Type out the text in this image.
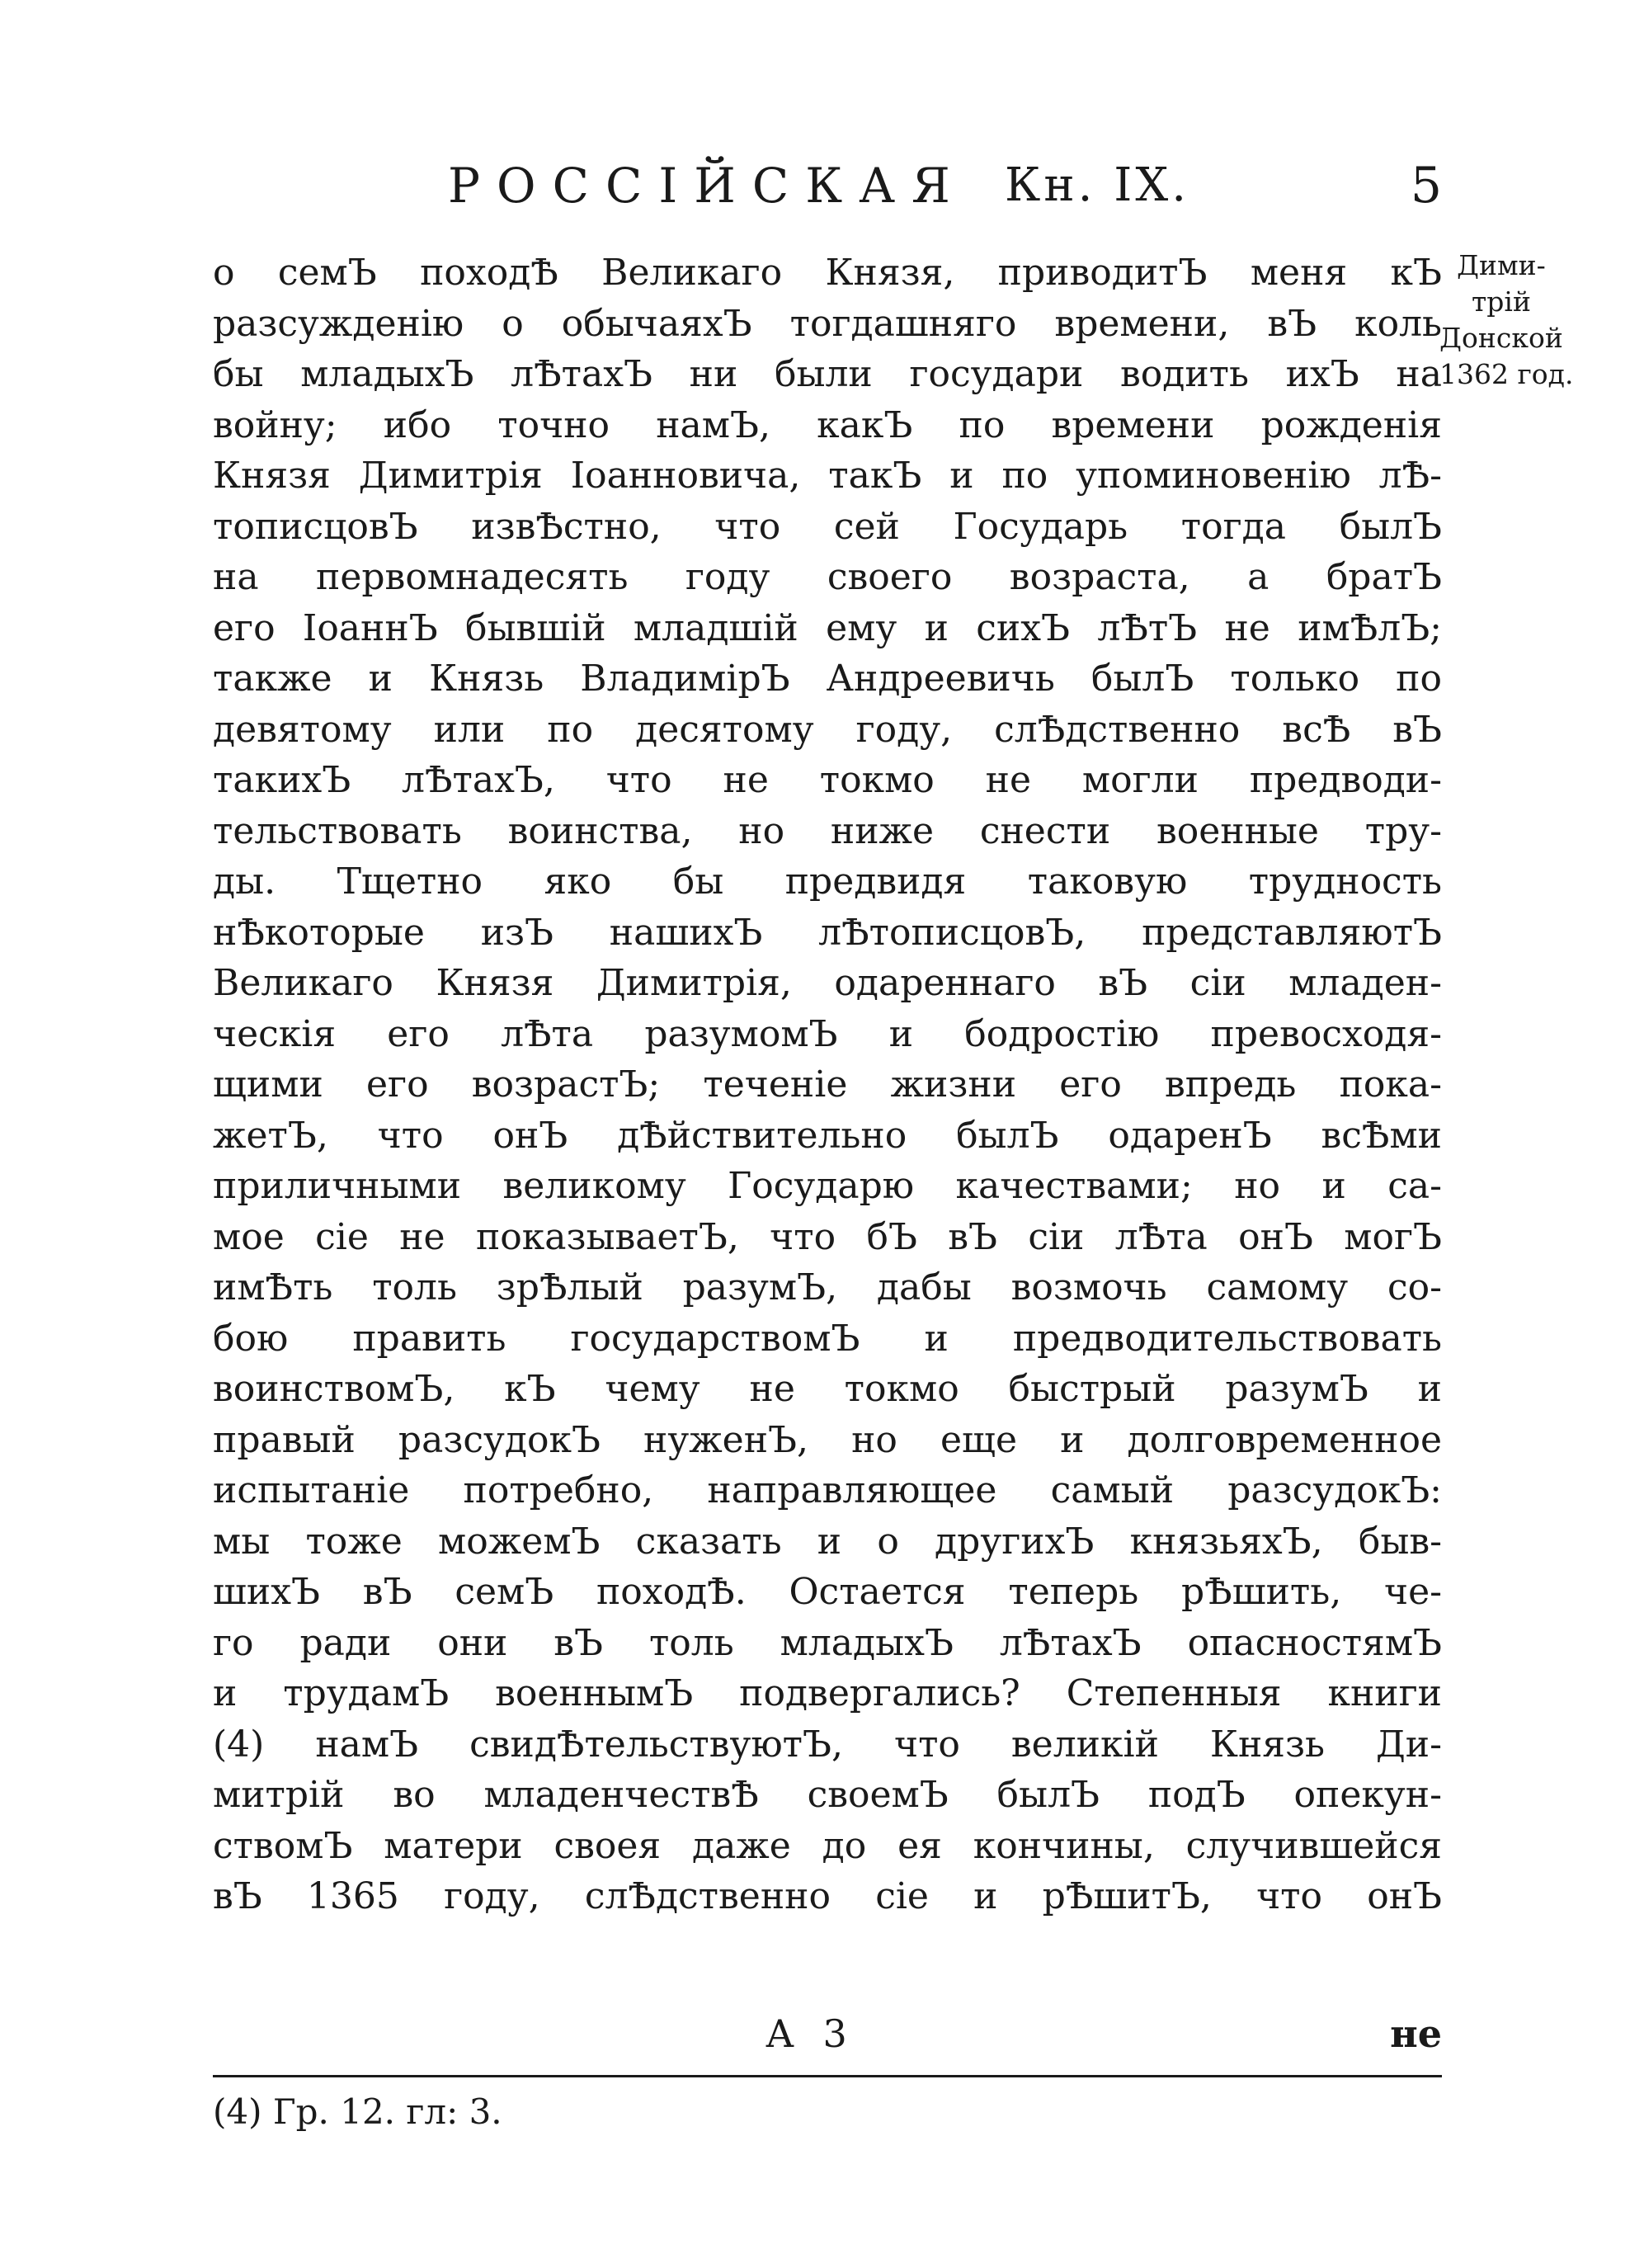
РОССІЙСКАЯ Кн. IX.	5
о семЪ походѢ Великаго Князя, приводитЪ меня кЪ
разсужденію о обычаяхЪ тогдашняго времени, вЪ коль
бы младыхЪ лѢтахЪ ни были государи водить ихЪ на
войну; ибо точно намЪ, какЪ по времени рожденія
Князя Димитрія Іоанновича, такЪ и по упоминовенію лѢ-
тописцовЪ извѢстно, что сей Государь тогда былЪ
на первомнадесять году своего возраста, а братЪ
его ІоаннЪ бывшій младшій ему и сихЪ лѢтЪ не имѢлЪ;
также и Князь ВладимірЪ Андреевичь былЪ только по
девятому или по десятому году, слѢдственно всѢ вЪ
такихЪ лѢтахЪ, что не токмо не могли предводи-
тельствовать воинства, но ниже снести военные тру-
ды. Тщетно яко бы предвидя таковую трудность
нѢкоторые изЪ нашихЪ лѢтописцовЪ, представляютЪ
Великаго Князя Димитрія, одареннаго вЪ сіи младен-
ческія его лѢта разумомЪ и бодростію превосходя-
щими его возрастЪ; теченіе жизни его впредь пока-
жетЪ, что онЪ дѢйствительно былЪ одаренЪ всѢми
приличными великому Государю качествами; но и са-
мое сіе не показываетЪ, что бЪ вЪ сіи лѢта онЪ могЪ
имѢть толь зрѢлый разумЪ, дабы возмочь самому со-
бою править государствомЪ и предводительствовать
воинствомЪ, кЪ чему не токмо быстрый разумЪ и
правый разсудокЪ нуженЪ, но еще и долговременное
испытаніе потребно, направляющее самый разсудокЪ:
мы тоже можемЪ сказать и о другихЪ князьяхЪ, быв-
шихЪ вЪ семЪ походѢ. Остается теперь рѢшить, че-
го ради они вЪ толь младыхЪ лѢтахЪ опасностямЪ
и трудамЪ военнымЪ подвергались? Степенныя книги
(4) намЪ свидѢтельствуютЪ, что великій Князь Ди-
митрій во младенчествѢ своемЪ былЪ подЪ опекун-
ствомЪ матери своея даже до ея кончины, случившейся
вЪ 1365 году, слѢдственно сіе и рѢшитЪ, что онЪ
Дими-
трій
Донской
1362 год.
А 3	не
(4) Гр. 12. гл: 3.
